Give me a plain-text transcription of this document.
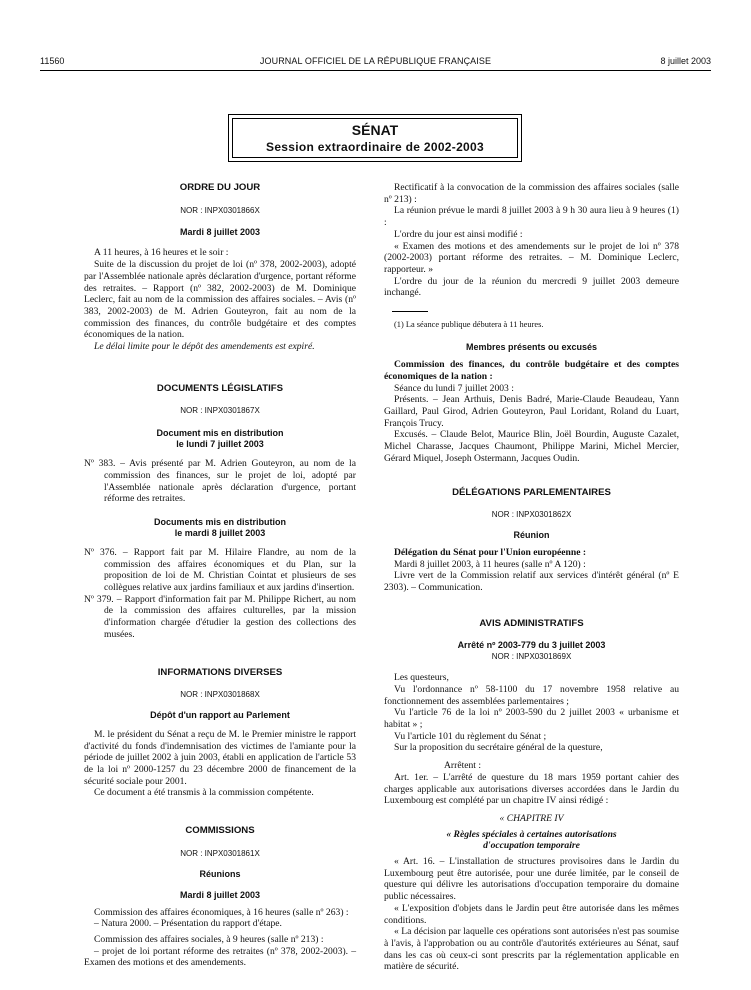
11560	JOURNAL OFFICIEL DE LA RÉPUBLIQUE FRANÇAISE	8 juillet 2003
SÉNAT
Session extraordinaire de 2002-2003
ORDRE DU JOUR
NOR : INPX0301866X
Mardi 8 juillet 2003

A 11 heures, à 16 heures et le soir :

Suite de la discussion du projet de loi (nº 378, 2002-2003), adopté par l'Assemblée nationale après déclaration d'urgence, portant réforme des retraites. – Rapport (nº 382, 2002-2003) de M. Dominique Leclerc, fait au nom de la commission des affaires sociales. – Avis (nº 383, 2002-2003) de M. Adrien Gouteyron, fait au nom de la commission des finances, du contrôle budgétaire et des comptes économiques de la nation.

Le délai limite pour le dépôt des amendements est expiré.

DOCUMENTS LÉGISLATIFS
NOR : INPX0301867X
Document mis en distribution
le lundi 7 juillet 2003

Nº 383. – Avis présenté par M. Adrien Gouteyron, au nom de la commission des finances, sur le projet de loi, adopté par l'Assemblée nationale après déclaration d'urgence, portant réforme des retraites.

Documents mis en distribution
le mardi 8 juillet 2003

Nº 376. – Rapport fait par M. Hilaire Flandre, au nom de la commission des affaires économiques et du Plan, sur la proposition de loi de M. Christian Cointat et plusieurs de ses collègues relative aux jardins familiaux et aux jardins d'insertion.

Nº 379. – Rapport d'information fait par M. Philippe Richert, au nom de la commission des affaires culturelles, par la mission d'information chargée d'étudier la gestion des collections des musées.

INFORMATIONS DIVERSES
NOR : INPX0301868X
Dépôt d'un rapport au Parlement

M. le président du Sénat a reçu de M. le Premier ministre le rapport d'activité du fonds d'indemnisation des victimes de l'amiante pour la période de juillet 2002 à juin 2003, établi en application de l'article 53 de la loi nº 2000-1257 du 23 décembre 2000 de financement de la sécurité sociale pour 2001.

Ce document a été transmis à la commission compétente.

COMMISSIONS
NOR : INPX0301861X
Réunions
Mardi 8 juillet 2003

Commission des affaires économiques, à 16 heures (salle nº 263) :

– Natura 2000. – Présentation du rapport d'étape.

Commission des affaires sociales, à 9 heures (salle nº 213) :

– projet de loi portant réforme des retraites (nº 378, 2002-2003). – Examen des motions et des amendements.

Rectificatif à la convocation de la commission des affaires sociales (salle nº 213) :

La réunion prévue le mardi 8 juillet 2003 à 9 h 30 aura lieu à 9 heures (1) :

L'ordre du jour est ainsi modifié :

« Examen des motions et des amendements sur le projet de loi nº 378 (2002-2003) portant réforme des retraites. – M. Dominique Leclerc, rapporteur. »

L'ordre du jour de la réunion du mercredi 9 juillet 2003 demeure inchangé.

(1) La séance publique débutera à 11 heures.

Membres présents ou excusés

Commission des finances, du contrôle budgétaire et des comptes économiques de la nation :

Séance du lundi 7 juillet 2003 :

Présents. – Jean Arthuis, Denis Badré, Marie-Claude Beaudeau, Yann Gaillard, Paul Girod, Adrien Gouteyron, Paul Loridant, Roland du Luart, François Trucy.

Excusés. – Claude Belot, Maurice Blin, Joël Bourdin, Auguste Cazalet, Michel Charasse, Jacques Chaumont, Philippe Marini, Michel Mercier, Gérard Miquel, Joseph Ostermann, Jacques Oudin.

DÉLÉGATIONS PARLEMENTAIRES
NOR : INPX0301862X
Réunion

Délégation du Sénat pour l'Union européenne :

Mardi 8 juillet 2003, à 11 heures (salle nº A 120) :

Livre vert de la Commission relatif aux services d'intérêt général (nº E 2303). – Communication.

AVIS ADMINISTRATIFS
Arrêté nº 2003-779 du 3 juillet 2003
NOR : INPX0301869X

Les questeurs,

Vu l'ordonnance nº 58-1100 du 17 novembre 1958 relative au fonctionnement des assemblées parlementaires ;

Vu l'article 76 de la loi nº 2003-590 du 2 juillet 2003 « urbanisme et habitat » ;

Vu l'article 101 du règlement du Sénat ;

Sur la proposition du secrétaire général de la questure,

Arrêtent :

Art. 1er. – L'arrêté de questure du 18 mars 1959 portant cahier des charges applicable aux autorisations diverses accordées dans le Jardin du Luxembourg est complété par un chapitre IV ainsi rédigé :

« CHAPITRE IV

« Règles spéciales à certaines autorisations
d'occupation temporaire

« Art. 16. – L'installation de structures provisoires dans le Jardin du Luxembourg peut être autorisée, pour une durée limitée, par le conseil de questure qui délivre les autorisations d'occupation temporaire du domaine public nécessaires.

« L'exposition d'objets dans le Jardin peut être autorisée dans les mêmes conditions.

« La décision par laquelle ces opérations sont autorisées n'est pas soumise à l'avis, à l'approbation ou au contrôle d'autorités extérieures au Sénat, sauf dans les cas où ceux-ci sont prescrits par la réglementation applicable en matière de sécurité.
